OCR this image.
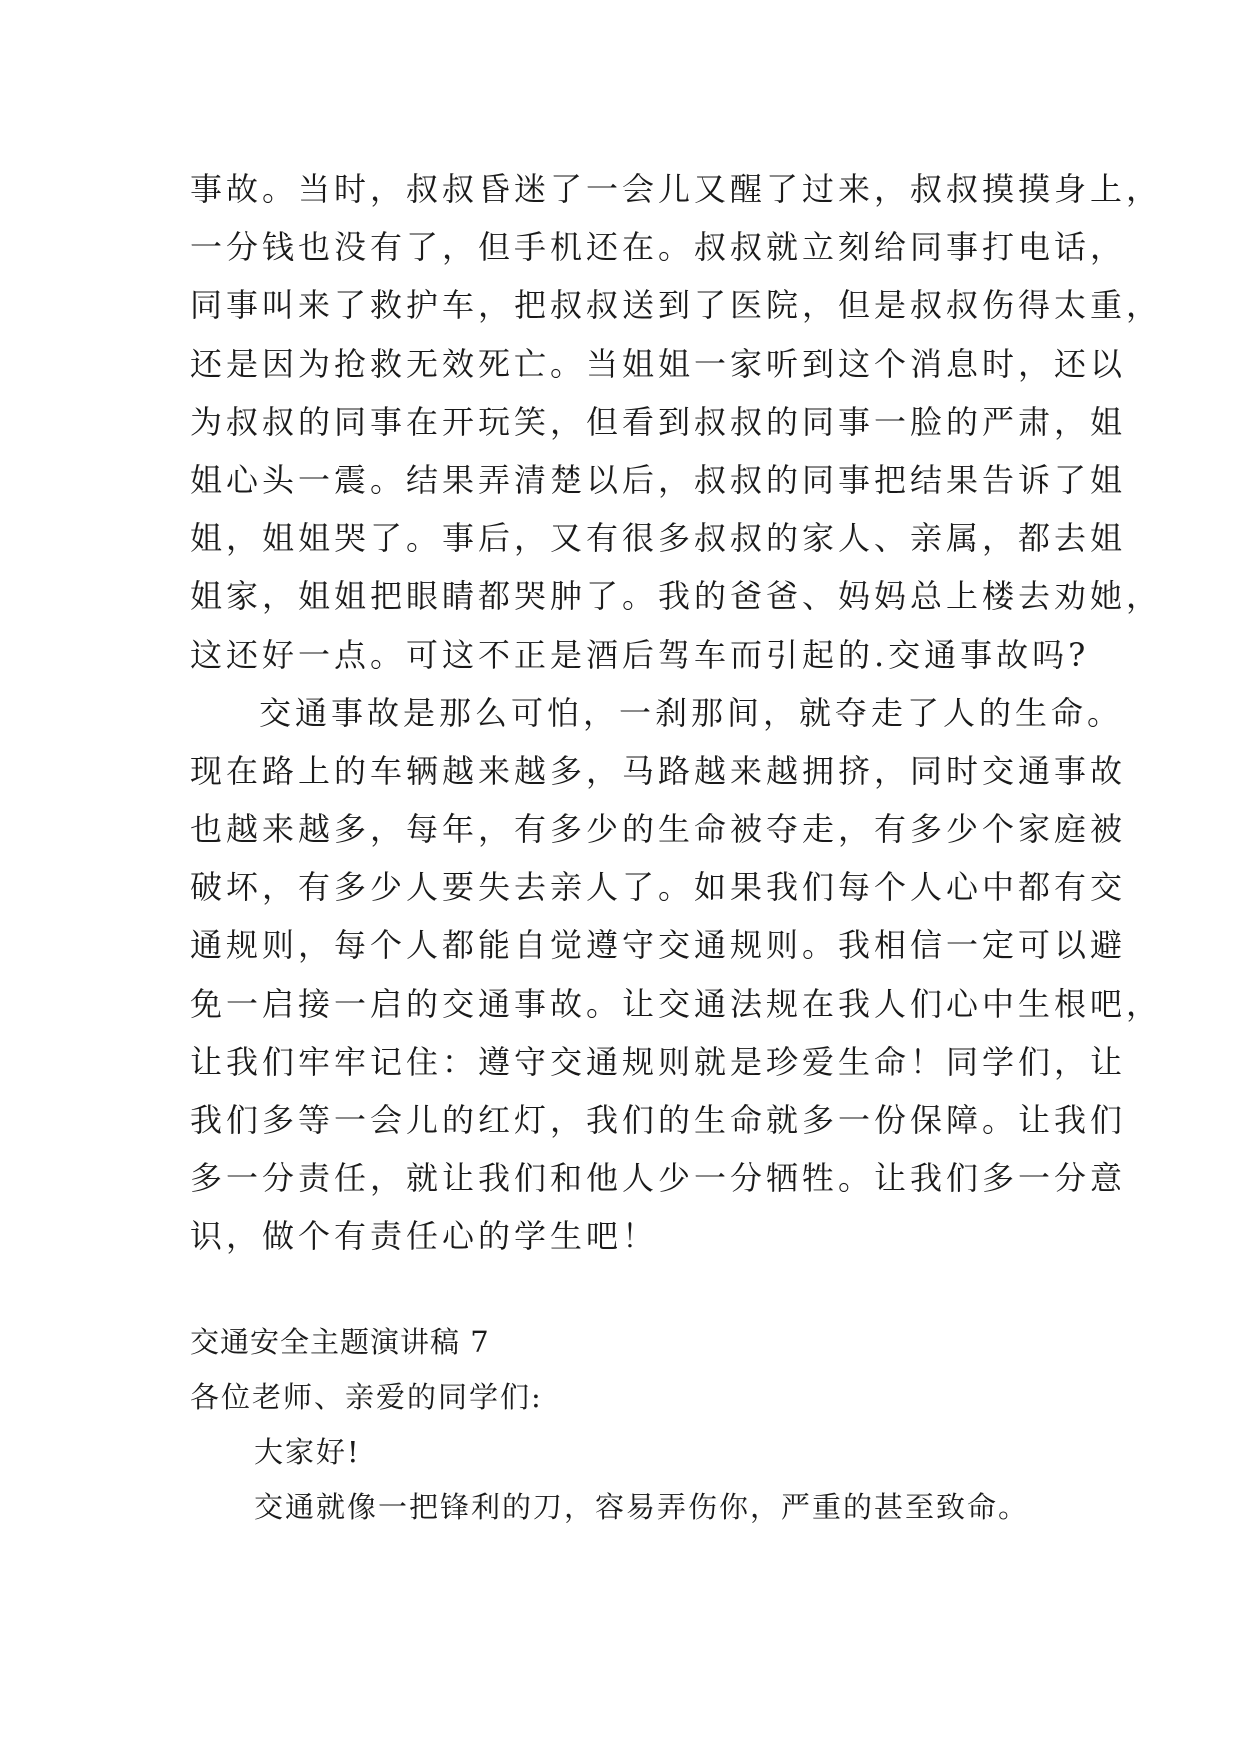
事故。当时，叔叔昏迷了一会儿又醒了过来，叔叔摸摸身上，
一分钱也没有了，但手机还在。叔叔就立刻给同事打电话，
同事叫来了救护车，把叔叔送到了医院，但是叔叔伤得太重，
还是因为抢救无效死亡。当姐姐一家听到这个消息时，还以
为叔叔的同事在开玩笑，但看到叔叔的同事一脸的严肃，姐
姐心头一震。结果弄清楚以后，叔叔的同事把结果告诉了姐
姐，姐姐哭了。事后，又有很多叔叔的家人、亲属，都去姐
姐家，姐姐把眼睛都哭肿了。我的爸爸、妈妈总上楼去劝她，
这还好一点。可这不正是酒后驾车而引起的.交通事故吗?
交通事故是那么可怕，一刹那间，就夺走了人的生命。
现在路上的车辆越来越多，马路越来越拥挤，同时交通事故
也越来越多，每年，有多少的生命被夺走，有多少个家庭被
破坏，有多少人要失去亲人了。如果我们每个人心中都有交
通规则，每个人都能自觉遵守交通规则。我相信一定可以避
免一启接一启的交通事故。让交通法规在我人们心中生根吧，
让我们牢牢记住：遵守交通规则就是珍爱生命！同学们，让
我们多等一会儿的红灯，我们的生命就多一份保障。让我们
多一分责任，就让我们和他人少一分牺牲。让我们多一分意
识，做个有责任心的学生吧！
交通安全主题演讲稿 7
各位老师、亲爱的同学们:
大家好!
交通就像一把锋利的刀，容易弄伤你，严重的甚至致命。
